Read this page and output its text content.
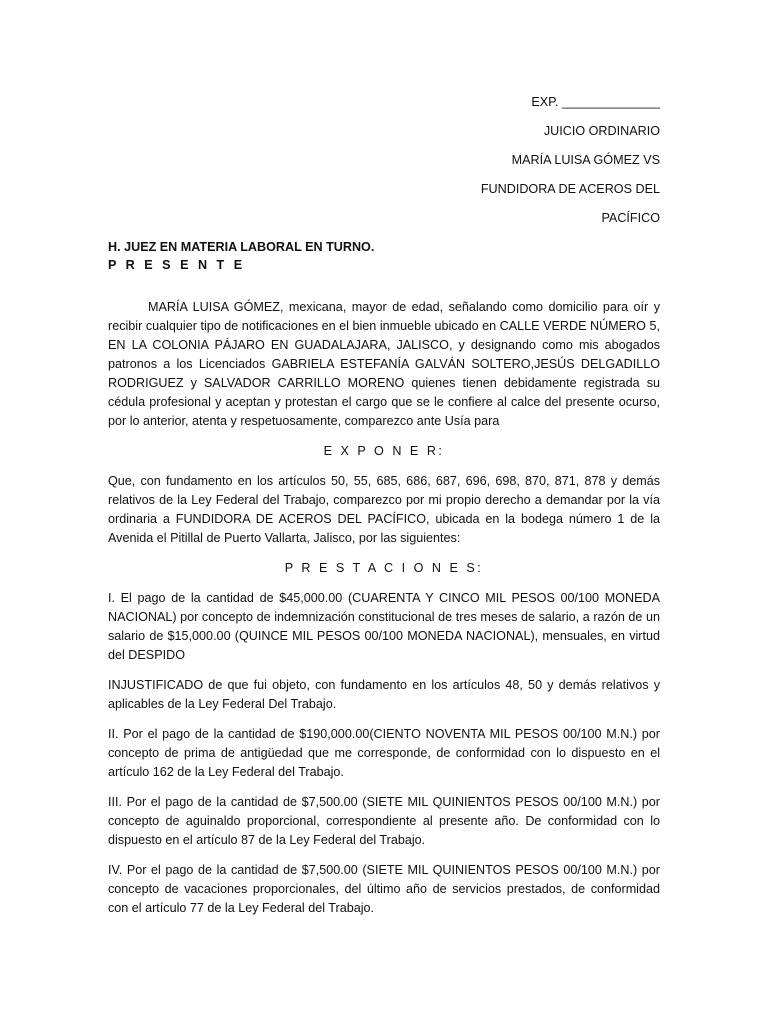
EXP. ______________
JUICIO ORDINARIO
MARÍA LUISA GÓMEZ VS
FUNDIDORA DE ACEROS DEL
PACÍFICO
H. JUEZ EN MATERIA LABORAL EN TURNO.
P R E S E N T E

MARÍA LUISA GÓMEZ, mexicana, mayor de edad, señalando como domicilio para oír y recibir cualquier tipo de notificaciones en el bien inmueble ubicado en CALLE VERDE NÚMERO 5, EN LA COLONIA PÁJARO EN GUADALAJARA, JALISCO, y designando como mis abogados patronos a los Licenciados GABRIELA ESTEFANÍA GALVÁN SOLTERO,JESÚS DELGADILLO RODRIGUEZ y SALVADOR CARRILLO MORENO quienes tienen debidamente registrada su cédula profesional y aceptan y protestan el cargo que se le confiere al calce del presente ocurso, por lo anterior, atenta y respetuosamente, comparezco ante Usía para

E X P O N E R:

Que, con fundamento en los artículos 50, 55, 685, 686, 687, 696, 698, 870, 871, 878 y demás relativos de la Ley Federal del Trabajo, comparezco por mi propio derecho a demandar por la vía ordinaria a FUNDIDORA DE ACEROS DEL PACÍFICO, ubicada en la bodega número 1 de la Avenida el Pitillal de Puerto Vallarta, Jalisco, por las siguientes:

P R E S T A C I O N E S:

I. El pago de la cantidad de $45,000.00 (CUARENTA Y CINCO MIL PESOS 00/100 MONEDA NACIONAL) por concepto de indemnización constitucional de tres meses de salario, a razón de un salario de $15,000.00 (QUINCE MIL PESOS 00/100 MONEDA NACIONAL), mensuales, en virtud del DESPIDO

INJUSTIFICADO de que fui objeto, con fundamento en los artículos 48, 50 y demás relativos y aplicables de la Ley Federal Del Trabajo.

II. Por el pago de la cantidad de $190,000.00(CIENTO NOVENTA MIL PESOS 00/100 M.N.) por concepto de prima de antigüedad que me corresponde, de conformidad con lo dispuesto en el artículo 162 de la Ley Federal del Trabajo.

III. Por el pago de la cantidad de $7,500.00 (SIETE MIL QUINIENTOS PESOS 00/100 M.N.) por concepto de aguinaldo proporcional, correspondiente al presente año. De conformidad con lo dispuesto en el artículo 87 de la Ley Federal del Trabajo.

IV. Por el pago de la cantidad de $7,500.00 (SIETE MIL QUINIENTOS PESOS 00/100 M.N.) por concepto de vacaciones proporcionales, del último año de servicios prestados, de conformidad con el artículo 77 de la Ley Federal del Trabajo.
